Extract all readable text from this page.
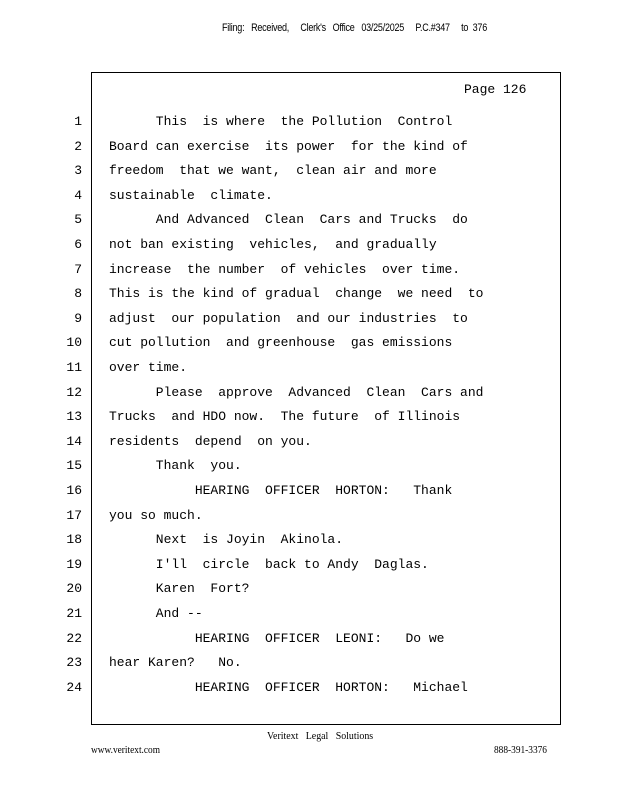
Filing:   Received,     Clerk's   Office   03/25/2025     P.C.#347     to  376
Page 126
1 This  is where  the Pollution  Control
2 Board can exercise  its power  for the kind of
3 freedom  that we want,  clean air and more
4 sustainable  climate.
5 And Advanced  Clean  Cars and Trucks  do
6 not ban existing  vehicles,  and gradually
7 increase  the number  of vehicles  over time.
8 This is the kind of gradual  change  we need  to
9 adjust  our population  and our industries  to
10 cut pollution  and greenhouse  gas emissions
11 over time.
12 Please  approve  Advanced  Clean  Cars and
13 Trucks  and HDO now.  The future  of Illinois
14 residents  depend  on you.
15 Thank  you.
16 HEARING  OFFICER  HORTON:   Thank
17 you so much.
18 Next  is Joyin  Akinola.
19 I'll  circle  back to Andy  Daglas.
20 Karen  Fort?
21 And --
22 HEARING  OFFICER  LEONI:   Do we
23 hear Karen?   No.
24 HEARING  OFFICER  HORTON:   Michael
Veritext   Legal   Solutions
www.veritext.com	888-391-3376
